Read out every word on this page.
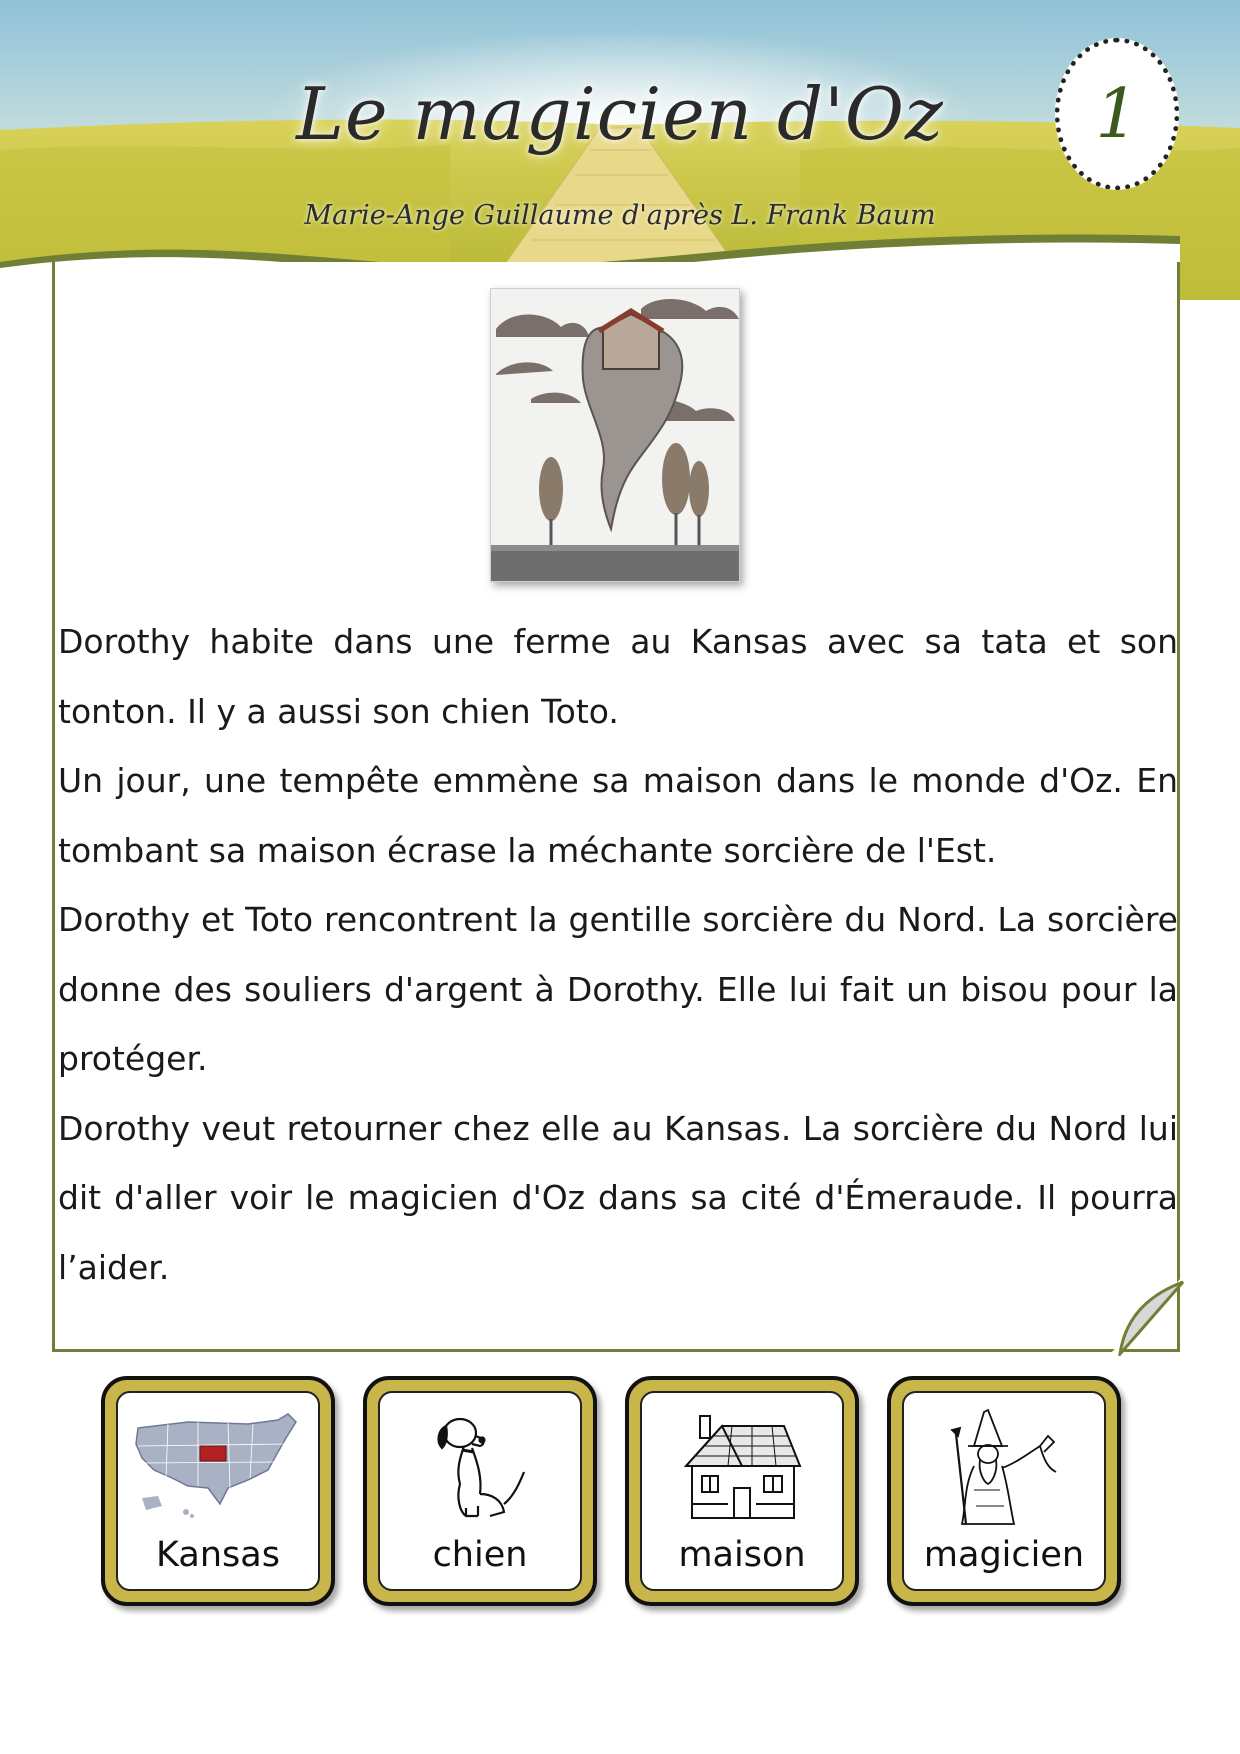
Le magicien d'Oz
Marie-Ange Guillaume d'après L. Frank Baum
1

Dorothy habite dans une ferme au Kansas avec sa tata et son tonton. Il y a aussi son chien Toto.

Un jour, une tempête emmène sa maison dans le monde d'Oz. En tombant sa maison écrase la méchante sorcière de l'Est.

Dorothy et Toto rencontrent la gentille sorcière du Nord. La sorcière donne des souliers d'argent à Dorothy. Elle lui fait un bisou pour la protéger.

Dorothy veut retourner chez elle au Kansas. La sorcière du Nord lui dit d'aller voir le magicien d'Oz dans sa cité d'Émeraude. Il pourra l’aider.

Kansas	chien	maison	magicien
